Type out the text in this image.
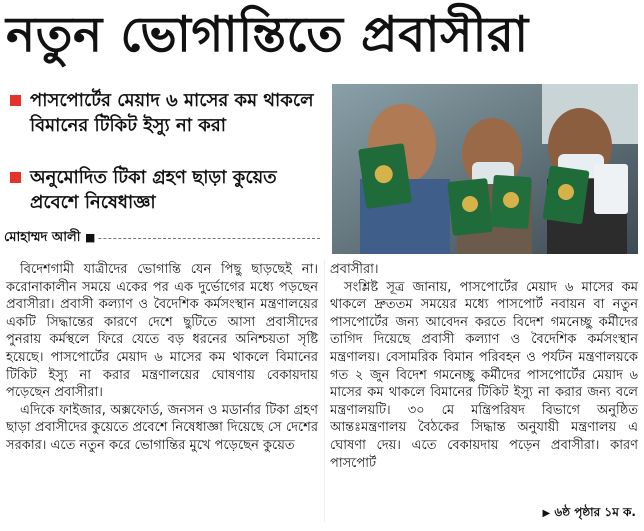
নতুন ভোগান্তিতে প্রবাসীরা
পাসপোর্টের মেয়াদ ৬ মাসের কম থাকলে বিমানের টিকিট ইস্যু না করা
অনুমোদিত টিকা গ্রহণ ছাড়া কুয়েত প্রবেশে নিষেধাজ্ঞা
মোহাম্মদ আলী ■

বিদেশগামী যাত্রীদের ভোগান্তি যেন পিছু ছাড়ছেই না। করোনাকালীন সময়ে একের পর এক দুর্ভোগের মধ্যে পড়ছেন প্রবাসীরা। প্রবাসী কল্যাণ ও বৈদেশিক কর্মসংস্থান মন্ত্রণালয়ের একটি সিদ্ধান্তের কারণে দেশে ছুটিতে আসা প্রবাসীদের পুনরায় কর্মস্থলে ফিরে যেতে বড় ধরনের অনিশ্চয়তা সৃষ্টি হয়েছে। পাসপোর্টের মেয়াদ ৬ মাসের কম থাকলে বিমানের টিকিট ইস্যু না করার মন্ত্রণালয়ের ঘোষণায় বেকায়দায় পড়েছেন প্রবাসীরা।

এদিকে ফাইজার, অক্সফোর্ড, জনসন ও মডার্নার টিকা গ্রহণ ছাড়া প্রবাসীদের কুয়েতে প্রবেশে নিষেধাজ্ঞা দিয়েছে সে দেশের সরকার। এতে নতুন করে ভোগান্তির মুখে পড়েছেন কুয়েত

প্রবাসীরা।

সংশ্লিষ্ট সূত্র জানায়, পাসপোর্টের মেয়াদ ৬ মাসের কম থাকলে দ্রুততম সময়ের মধ্যে পাসপোর্ট নবায়ন বা নতুন পাসপোর্টের জন্য আবেদন করতে বিদেশ গমনেচ্ছু কর্মীদের তাগিদ দিয়েছে প্রবাসী কল্যাণ ও বৈদেশিক কর্মসংস্থান মন্ত্রণালয়। বেসামরিক বিমান পরিবহন ও পর্যটন মন্ত্রণালয়কে গত ২ জুন বিদেশ গমনেচ্ছু কর্মীদের পাসপোর্টের মেয়াদ ৬ মাসের কম থাকলে বিমানের টিকিট ইস্যু না করার জন্য বলে মন্ত্রণালয়টি। ৩০ মে মন্ত্রিপরিষদ বিভাগে অনুষ্ঠিত আন্তঃমন্ত্রণালয় বৈঠকের সিদ্ধান্ত অনুযায়ী মন্ত্রণালয় এ ঘোষণা দেয়। এতে বেকায়দায় পড়েন প্রবাসীরা। কারণ পাসপোর্ট

▶ ৬ষ্ঠ পৃষ্ঠার ১ম ক.
